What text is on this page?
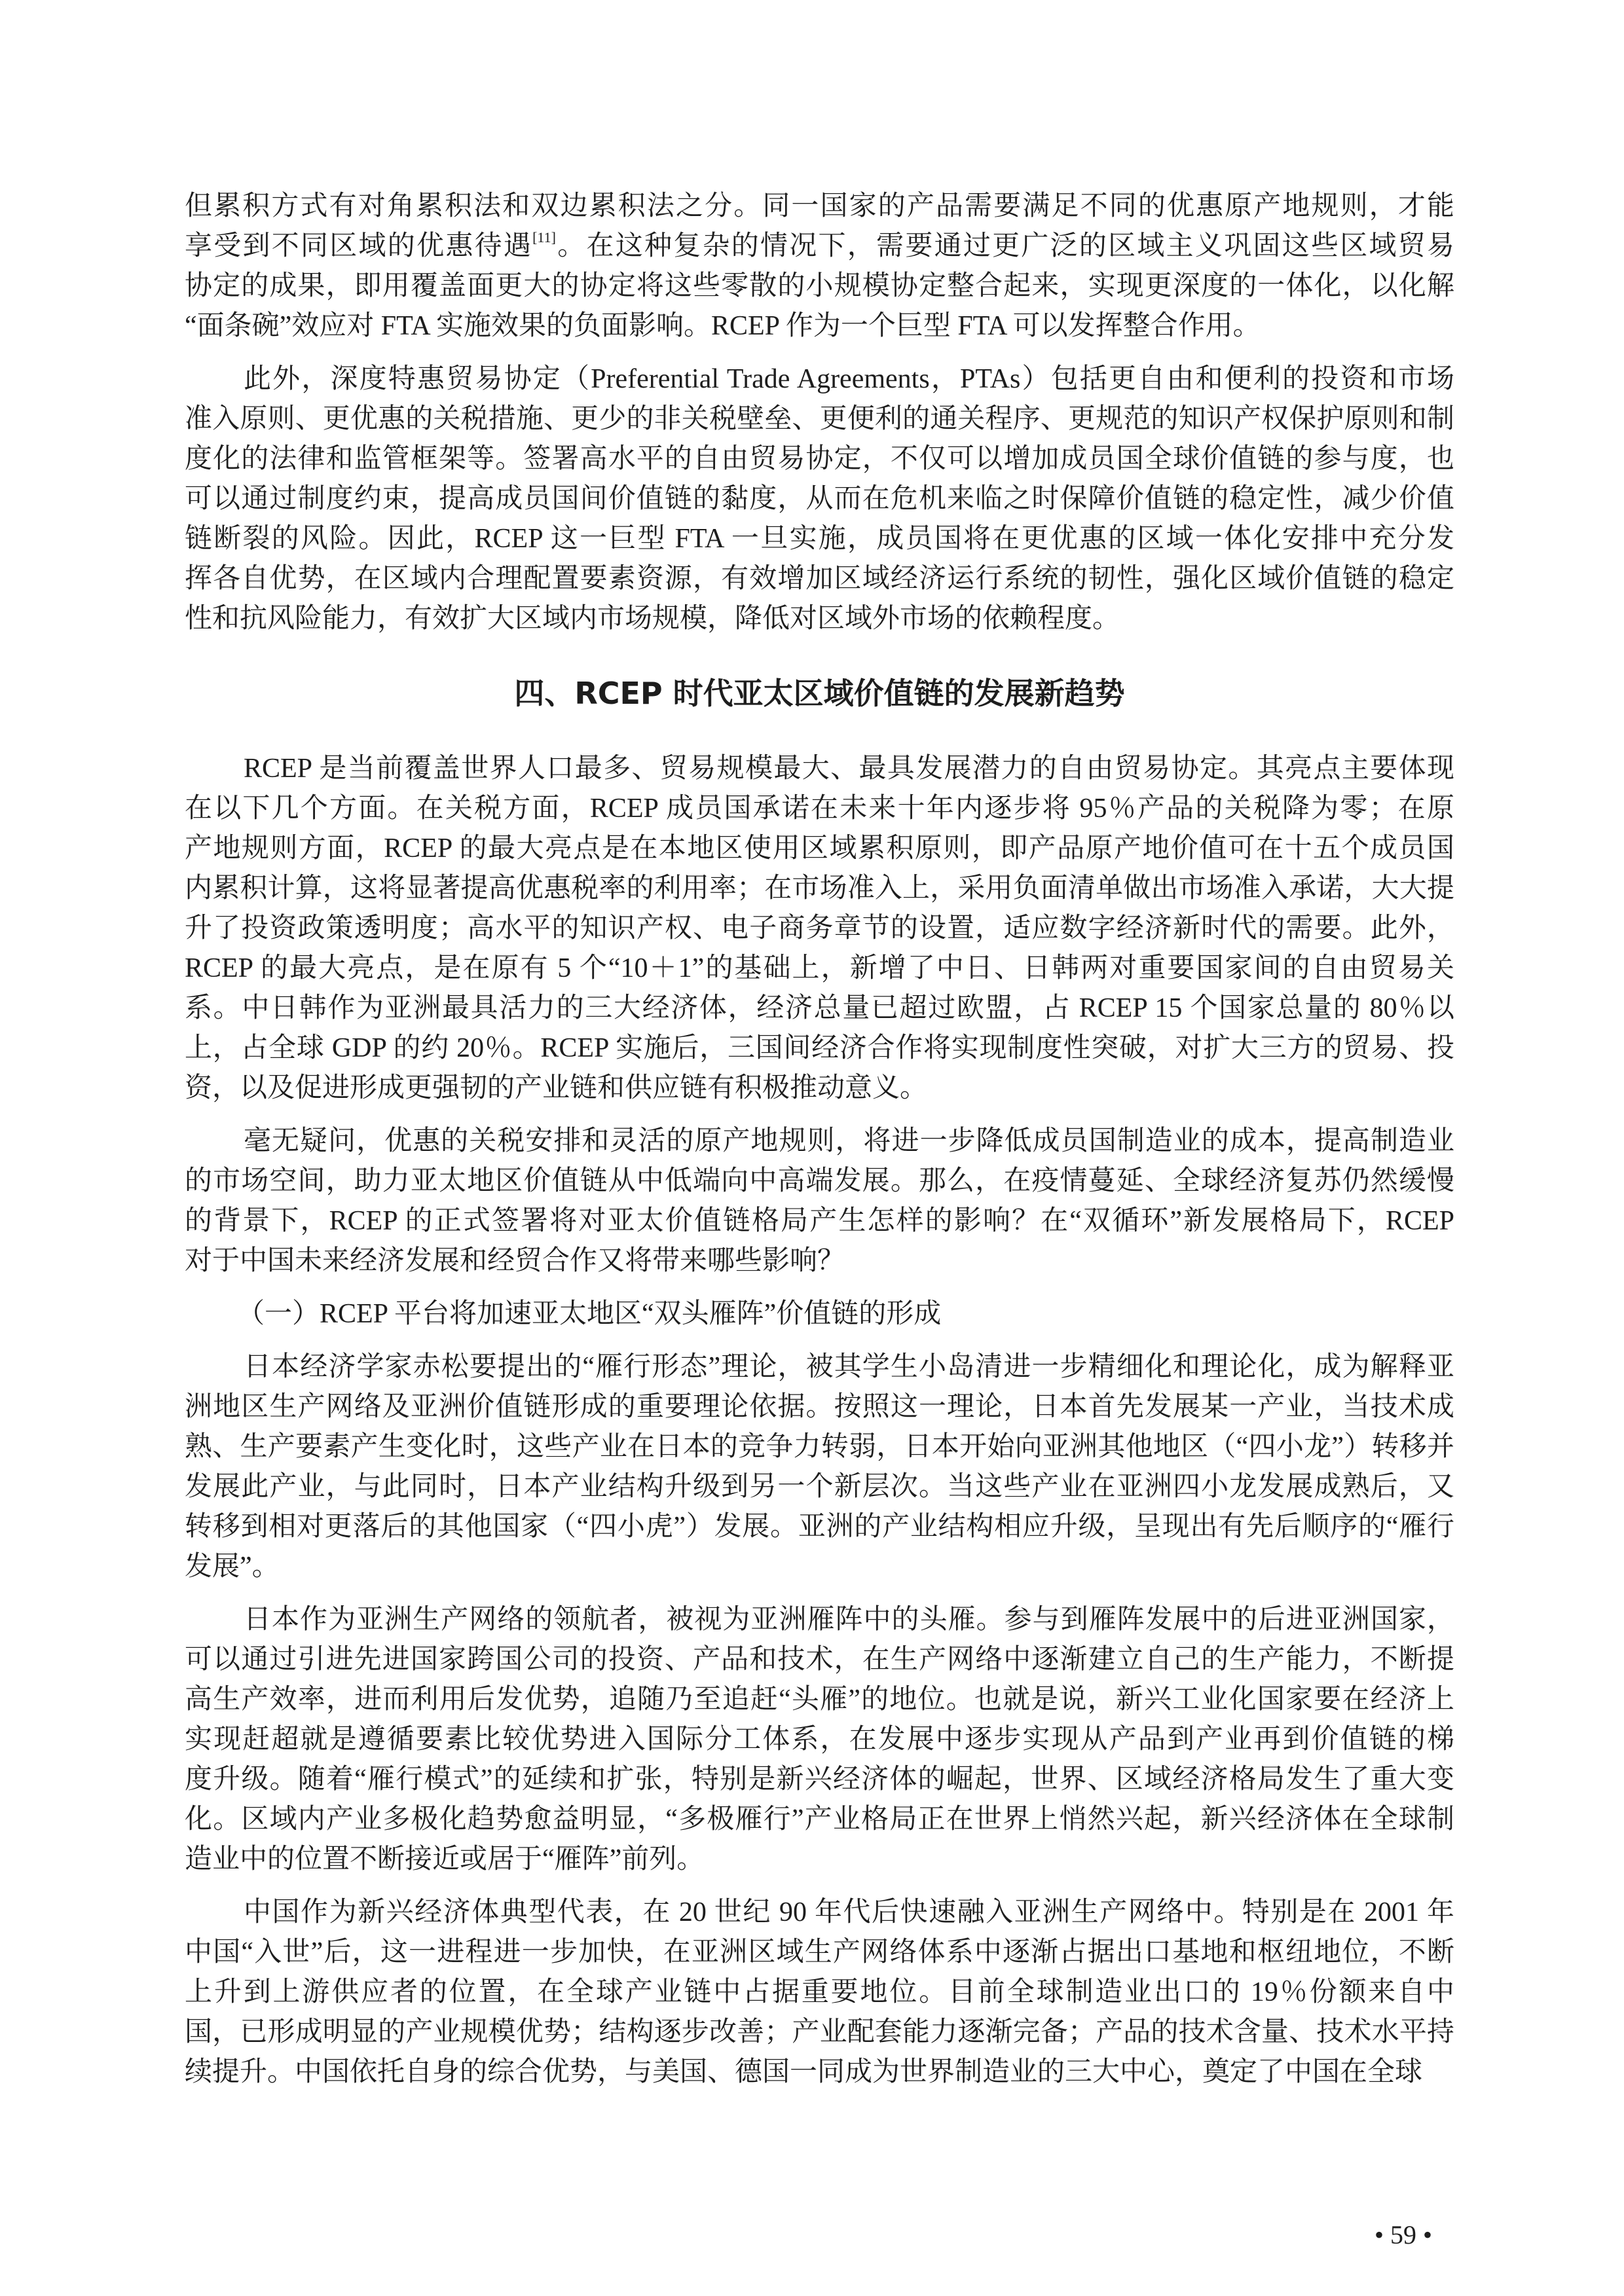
但累积方式有对角累积法和双边累积法之分。同一国家的产品需要满足不同的优惠原产地规则，才能
享受到不同区域的优惠待遇[11]。在这种复杂的情况下，需要通过更广泛的区域主义巩固这些区域贸易
协定的成果，即用覆盖面更大的协定将这些零散的小规模协定整合起来，实现更深度的一体化，以化解
“面条碗”效应对 FTA 实施效果的负面影响。RCEP 作为一个巨型 FTA 可以发挥整合作用。
此外，深度特惠贸易协定（Preferential Trade Agreements，PTAs）包括更自由和便利的投资和市场
准入原则、更优惠的关税措施、更少的非关税壁垒、更便利的通关程序、更规范的知识产权保护原则和制
度化的法律和监管框架等。签署高水平的自由贸易协定，不仅可以增加成员国全球价值链的参与度，也
可以通过制度约束，提高成员国间价值链的黏度，从而在危机来临之时保障价值链的稳定性，减少价值
链断裂的风险。因此，RCEP 这一巨型 FTA 一旦实施，成员国将在更优惠的区域一体化安排中充分发
挥各自优势，在区域内合理配置要素资源，有效增加区域经济运行系统的韧性，强化区域价值链的稳定
性和抗风险能力，有效扩大区域内市场规模，降低对区域外市场的依赖程度。
四、RCEP 时代亚太区域价值链的发展新趋势
RCEP 是当前覆盖世界人口最多、贸易规模最大、最具发展潜力的自由贸易协定。其亮点主要体现
在以下几个方面。在关税方面，RCEP 成员国承诺在未来十年内逐步将 95％产品的关税降为零；在原
产地规则方面，RCEP 的最大亮点是在本地区使用区域累积原则，即产品原产地价值可在十五个成员国
内累积计算，这将显著提高优惠税率的利用率；在市场准入上，采用负面清单做出市场准入承诺，大大提
升了投资政策透明度；高水平的知识产权、电子商务章节的设置，适应数字经济新时代的需要。此外，
RCEP 的最大亮点，是在原有 5 个“10＋1”的基础上，新增了中日、日韩两对重要国家间的自由贸易关
系。中日韩作为亚洲最具活力的三大经济体，经济总量已超过欧盟，占 RCEP 15 个国家总量的 80％以
上，占全球 GDP 的约 20％。RCEP 实施后，三国间经济合作将实现制度性突破，对扩大三方的贸易、投
资，以及促进形成更强韧的产业链和供应链有积极推动意义。
毫无疑问，优惠的关税安排和灵活的原产地规则，将进一步降低成员国制造业的成本，提高制造业
的市场空间，助力亚太地区价值链从中低端向中高端发展。那么，在疫情蔓延、全球经济复苏仍然缓慢
的背景下，RCEP 的正式签署将对亚太价值链格局产生怎样的影响？在“双循环”新发展格局下，RCEP
对于中国未来经济发展和经贸合作又将带来哪些影响？
（一）RCEP 平台将加速亚太地区“双头雁阵”价值链的形成
日本经济学家赤松要提出的“雁行形态”理论，被其学生小岛清进一步精细化和理论化，成为解释亚
洲地区生产网络及亚洲价值链形成的重要理论依据。按照这一理论，日本首先发展某一产业，当技术成
熟、生产要素产生变化时，这些产业在日本的竞争力转弱，日本开始向亚洲其他地区（“四小龙”）转移并
发展此产业，与此同时，日本产业结构升级到另一个新层次。当这些产业在亚洲四小龙发展成熟后，又
转移到相对更落后的其他国家（“四小虎”）发展。亚洲的产业结构相应升级，呈现出有先后顺序的“雁行
发展”。
日本作为亚洲生产网络的领航者，被视为亚洲雁阵中的头雁。参与到雁阵发展中的后进亚洲国家，
可以通过引进先进国家跨国公司的投资、产品和技术，在生产网络中逐渐建立自己的生产能力，不断提
高生产效率，进而利用后发优势，追随乃至追赶“头雁”的地位。也就是说，新兴工业化国家要在经济上
实现赶超就是遵循要素比较优势进入国际分工体系，在发展中逐步实现从产品到产业再到价值链的梯
度升级。随着“雁行模式”的延续和扩张，特别是新兴经济体的崛起，世界、区域经济格局发生了重大变
化。区域内产业多极化趋势愈益明显，“多极雁行”产业格局正在世界上悄然兴起，新兴经济体在全球制
造业中的位置不断接近或居于“雁阵”前列。
中国作为新兴经济体典型代表，在 20 世纪 90 年代后快速融入亚洲生产网络中。特别是在 2001 年
中国“入世”后，这一进程进一步加快，在亚洲区域生产网络体系中逐渐占据出口基地和枢纽地位，不断
上升到上游供应者的位置，在全球产业链中占据重要地位。目前全球制造业出口的 19％份额来自中
国，已形成明显的产业规模优势；结构逐步改善；产业配套能力逐渐完备；产品的技术含量、技术水平持
续提升。中国依托自身的综合优势，与美国、德国一同成为世界制造业的三大中心，奠定了中国在全球
• 59 •
